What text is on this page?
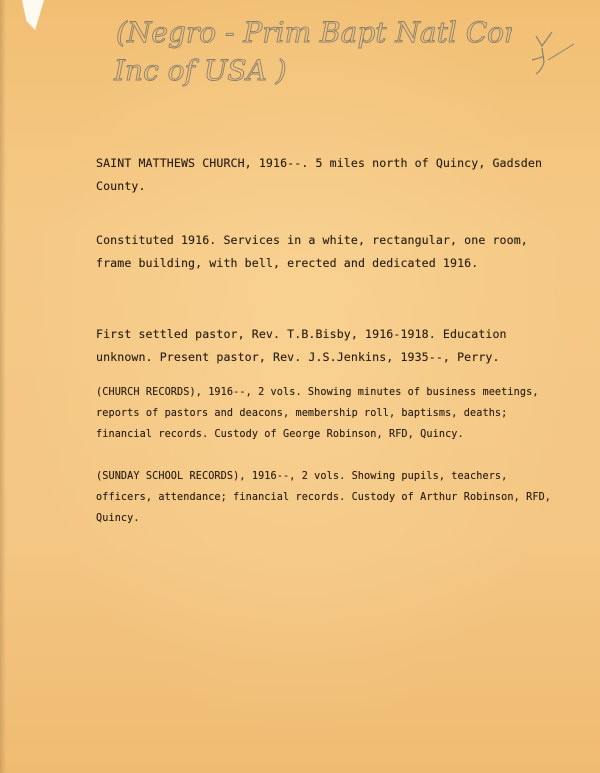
(Negro - Prim Bapt Natl Conv.
Inc of USA )
SAINT MATTHEWS CHURCH, 1916--. 5 miles north of Quincy, Gadsden County.
Constituted 1916. Services in a white, rectangular, one room, frame building, with bell, erected and dedicated 1916.
First settled pastor, Rev. T.B.Bisby, 1916-1918. Education unknown. Present pastor, Rev. J.S.Jenkins, 1935--, Perry.
(CHURCH RECORDS), 1916--, 2 vols. Showing minutes of business meetings, reports of pastors and deacons, membership roll, baptisms, deaths; financial records. Custody of George Robinson, RFD, Quincy.
(SUNDAY SCHOOL RECORDS), 1916--, 2 vols. Showing pupils, teachers, officers, attendance; financial records. Custody of Arthur Robinson, RFD, Quincy.
